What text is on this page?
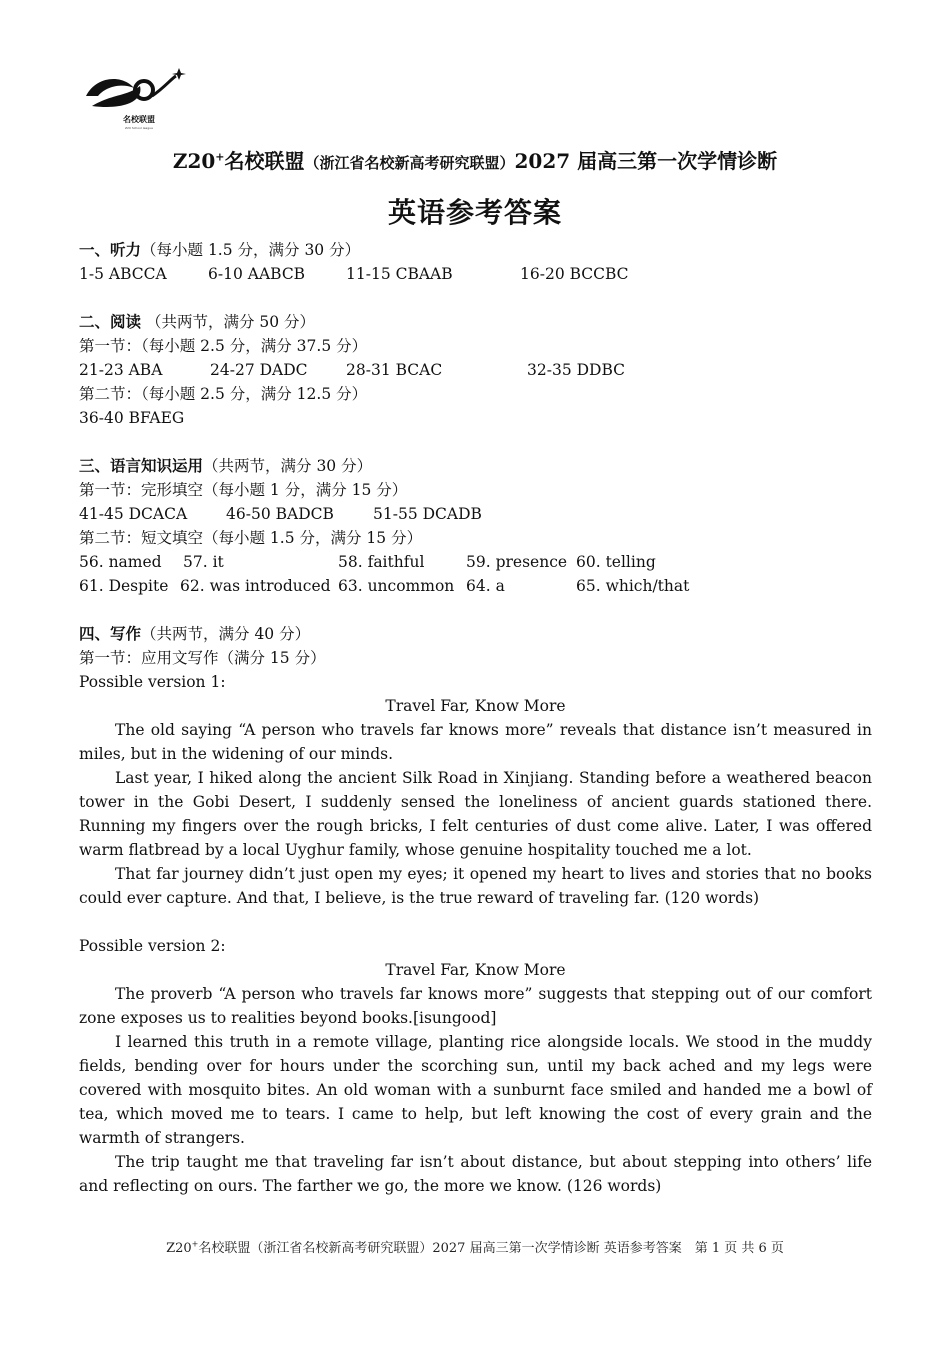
名校联盟
Z20 School league
Z20+名校联盟（浙江省名校新高考研究联盟）2027 届高三第一次学情诊断
英语参考答案
一、听力（每小题 1.5 分，满分 30 分）
1-5 ABCCA	6-10 AABCB	11-15 CBAAB	16-20 BCCBC
二、阅读 （共两节，满分 50 分）
第一节：（每小题 2.5 分，满分 37.5 分）
21-23 ABA	24-27 DADC 28-31 BCAC	32-35 DDBC
第二节：（每小题 2.5 分，满分 12.5 分）
36-40 BFAEG
三、语言知识运用（共两节，满分 30 分）
第一节：完形填空（每小题 1 分，满分 15 分）
41-45 DCACA	46-50 BADCB	51-55 DCADB
第二节：短文填空（每小题 1.5 分，满分 15 分）
56. named 57. it	58. faithful	59. presence 60. telling
61. Despite 62. was introduced 63. uncommon 64. a	65. which/that
四、写作（共两节，满分 40 分）
第一节：应用文写作（满分 15 分）
Possible version 1:
Travel Far, Know More
The old saying “A person who travels far knows more” reveals that distance isn’t measured in miles, but in the widening of our minds.
Last year, I hiked along the ancient Silk Road in Xinjiang. Standing before a weathered beacon tower in the Gobi Desert, I suddenly sensed the loneliness of ancient guards stationed there. Running my fingers over the rough bricks, I felt centuries of dust come alive. Later, I was offered warm flatbread by a local Uyghur family, whose genuine hospitality touched me a lot.
That far journey didn’t just open my eyes; it opened my heart to lives and stories that no books could ever capture. And that, I believe, is the true reward of traveling far. (120 words)
Possible version 2:
Travel Far, Know More
The proverb “A person who travels far knows more” suggests that stepping out of our comfort zone exposes us to realities beyond books.[isungood]
I learned this truth in a remote village, planting rice alongside locals. We stood in the muddy fields, bending over for hours under the scorching sun, until my back ached and my legs were covered with mosquito bites. An old woman with a sunburnt face smiled and handed me a bowl of tea, which moved me to tears. I came to help, but left knowing the cost of every grain and the warmth of strangers.
The trip taught me that traveling far isn’t about distance, but about stepping into others’ life and reflecting on ours. The farther we go, the more we know. (126 words)
Z20+名校联盟（浙江省名校新高考研究联盟）2027 届高三第一次学情诊断 英语参考答案　第 1 页 共 6 页
